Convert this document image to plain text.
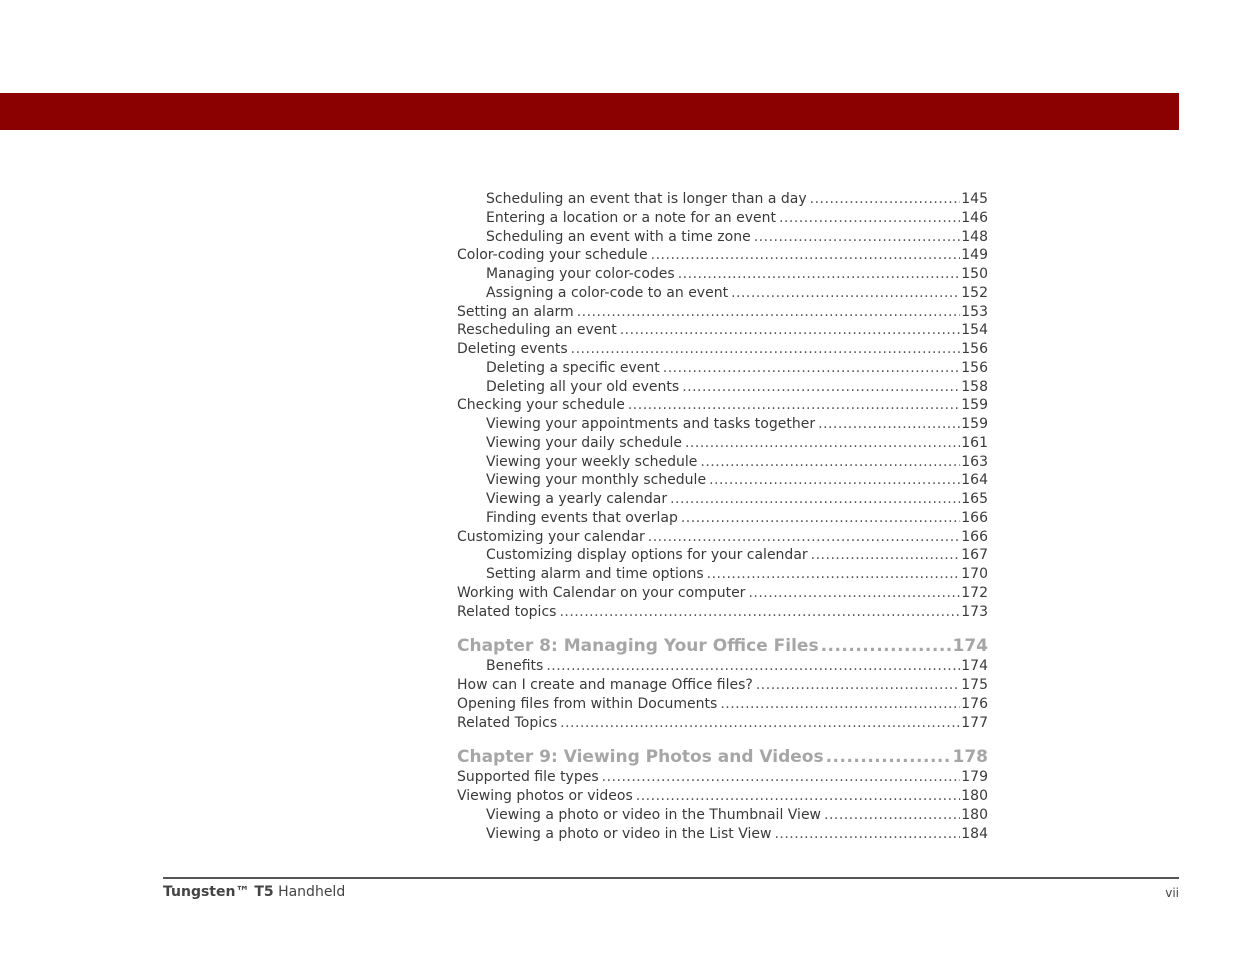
Scheduling an event that is longer than a day .....	145
Entering a location or a note for an event .....	146
Scheduling an event with a time zone .....	148
Color-coding your schedule .....	149
Managing your color-codes .....	150
Assigning a color-code to an event .....	152
Setting an alarm .....	153
Rescheduling an event .....	154
Deleting events .....	156
Deleting a specific event .....	156
Deleting all your old events .....	158
Checking your schedule .....	159
Viewing your appointments and tasks together .....	159
Viewing your daily schedule .....	161
Viewing your weekly schedule .....	163
Viewing your monthly schedule .....	164
Viewing a yearly calendar .....	165
Finding events that overlap .....	166
Customizing your calendar .....	166
Customizing display options for your calendar .....	167
Setting alarm and time options .....	170
Working with Calendar on your computer .....	172
Related topics .....	173
Chapter 8: Managing Your Office Files .....	174
Benefits .....	174
How can I create and manage Office files? .....	175
Opening files from within Documents .....	176
Related Topics .....	177
Chapter 9: Viewing Photos and Videos .....	178
Supported file types .....	179
Viewing photos or videos .....	180
Viewing a photo or video in the Thumbnail View .....	180
Viewing a photo or video in the List View .....	184
Tungsten™ T5 Handheld	vii
